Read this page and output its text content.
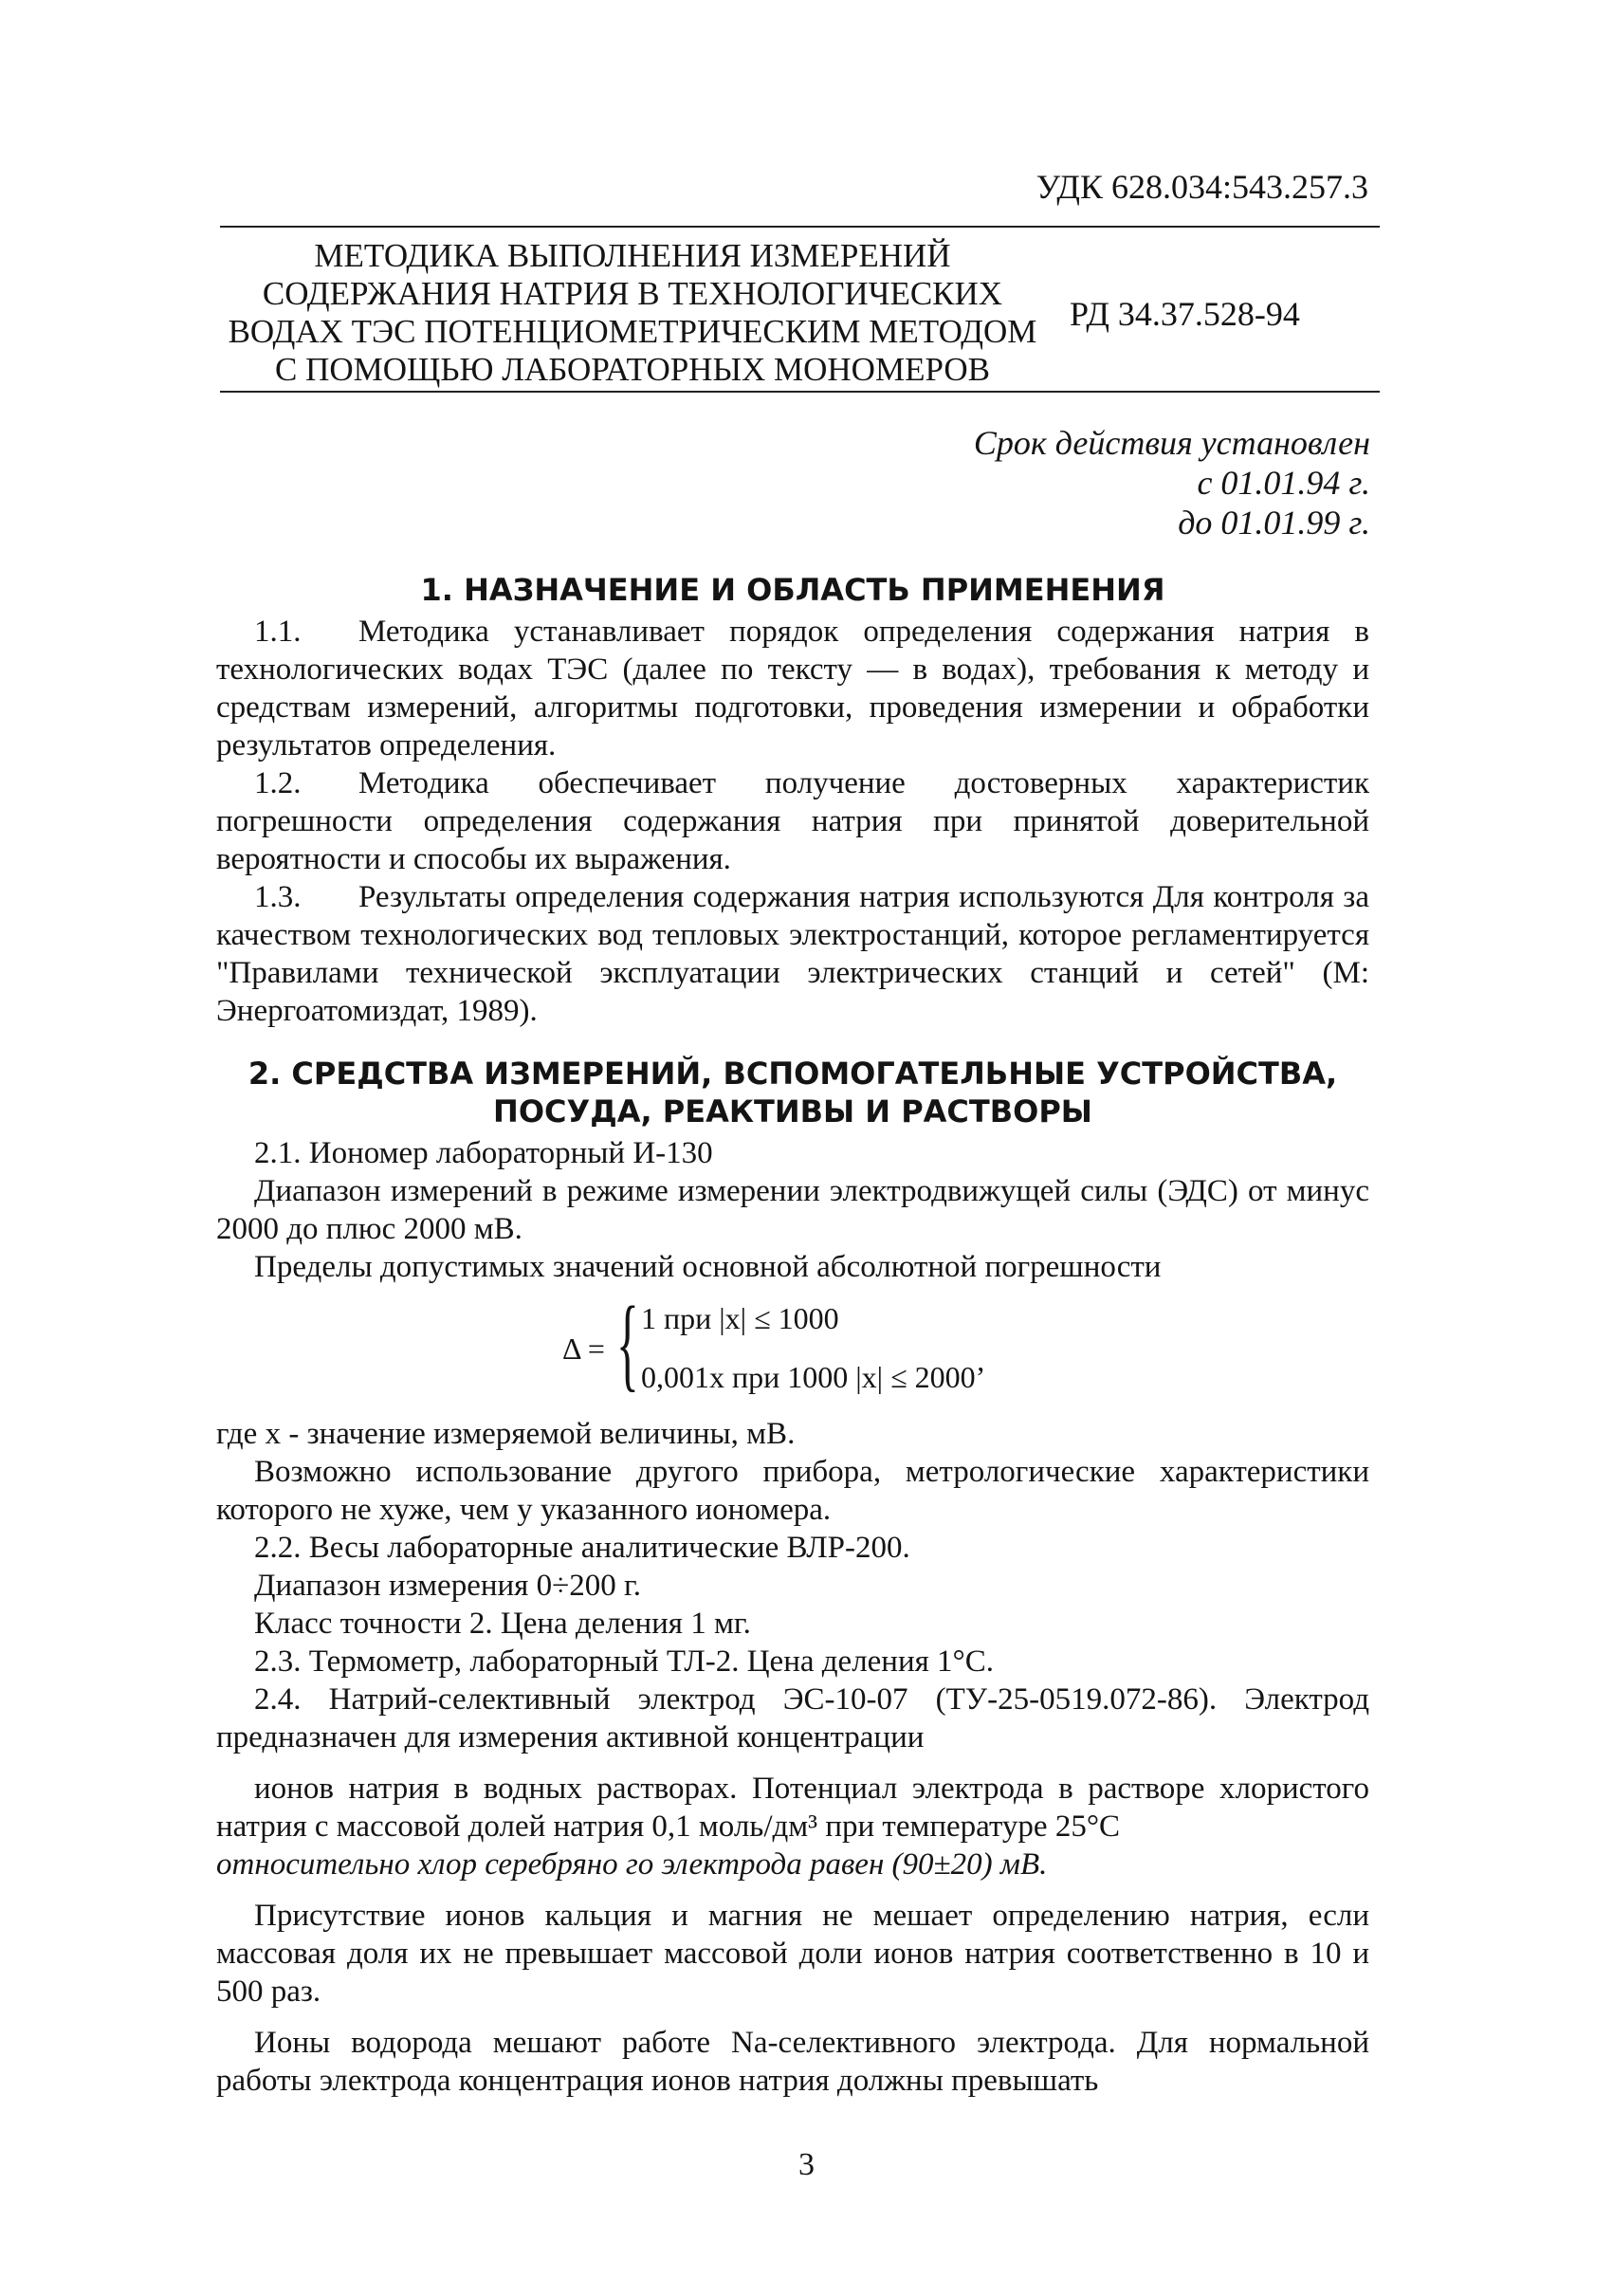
УДК 628.034:543.257.3
МЕТОДИКА ВЫПОЛНЕНИЯ ИЗМЕРЕНИЙ
СОДЕРЖАНИЯ НАТРИЯ В ТЕХНОЛОГИЧЕСКИХ
ВОДАХ ТЭС ПОТЕНЦИОМЕТРИЧЕСКИМ МЕТОДОМ
С ПОМОЩЬЮ ЛАБОРАТОРНЫХ МОНОМЕРОВ
РД 34.37.528-94
Срок действия установлен
с 01.01.94 г.
до 01.01.99 г.
1. НАЗНАЧЕНИЕ И ОБЛАСТЬ ПРИМЕНЕНИЯ

1.1. Методика устанавливает порядок определения содержания натрия в технологических водах ТЭС (далее по тексту — в водах), требования к методу и средствам измерений, алгоритмы подготовки, проведения измерении и обработки результатов определения.

1.2. Методика обеспечивает получение достоверных характеристик погрешности определения содержания натрия при принятой доверительной вероятности и способы их выражения.

1.3. Результаты определения содержания натрия используются Для контроля за качеством технологических вод тепловых электростанций, которое регламентируется "Правилами технической эксплуатации электрических станций и сетей" (М: Энергоатомиздат, 1989).

2. СРЕДСТВА ИЗМЕРЕНИЙ, ВСПОМОГАТЕЛЬНЫЕ УСТРОЙСТВА,
ПОСУДА, РЕАКТИВЫ И РАСТВОРЫ

2.1. Иономер лабораторный И-130

Диапазон измерений в режиме измерении электродвижущей силы (ЭДС) от минус 2000 до плюс 2000 мВ.

Пределы допустимых значений основной абсолютной погрешности

Δ = { 1 при |x| ≤ 1000
0,001x при 1000 |x| ≤ 2000’

где x - значение измеряемой величины, мВ.

Возможно использование другого прибора, метрологические характеристики которого не хуже, чем у указанного иономера.

2.2. Весы лабораторные аналитические ВЛР-200.

Диапазон измерения 0÷200 г.

Класс точности 2. Цена деления 1 мг.

2.3. Термометр, лабораторный ТЛ-2. Цена деления 1°С.

2.4. Натрий-селективный электрод ЭС-10-07 (ТУ-25-0519.072-86). Электрод предназначен для измерения активной концентрации

ионов натрия в водных растворах. Потенциал электрода в растворе хлористого натрия с массовой долей натрия 0,1 моль/дм³ при температуре 25°С

относительно хлор серебряно го электрода равен (90±20) мВ.

Присутствие ионов кальция и магния не мешает определению натрия, если массовая доля их не превышает массовой доли ионов натрия соответственно в 10 и 500 раз.

Ионы водорода мешают работе Na-селективного электрода. Для нормальной работы электрода концентрация ионов натрия должны превышать

3
